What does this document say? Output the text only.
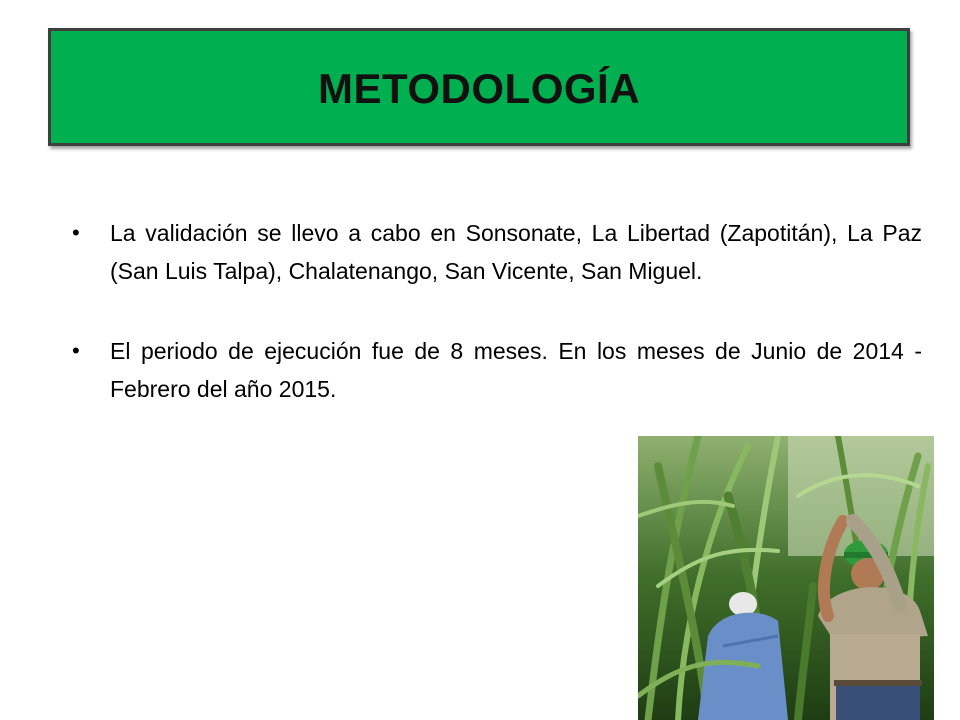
METODOLOGÍA
• La validación se llevo a cabo en Sonsonate, La Libertad (Zapotitán), La Paz (San Luis Talpa), Chalatenango, San Vicente, San Miguel.
• El periodo de ejecución fue de 8 meses. En los meses de Junio de 2014 -Febrero del año 2015.
